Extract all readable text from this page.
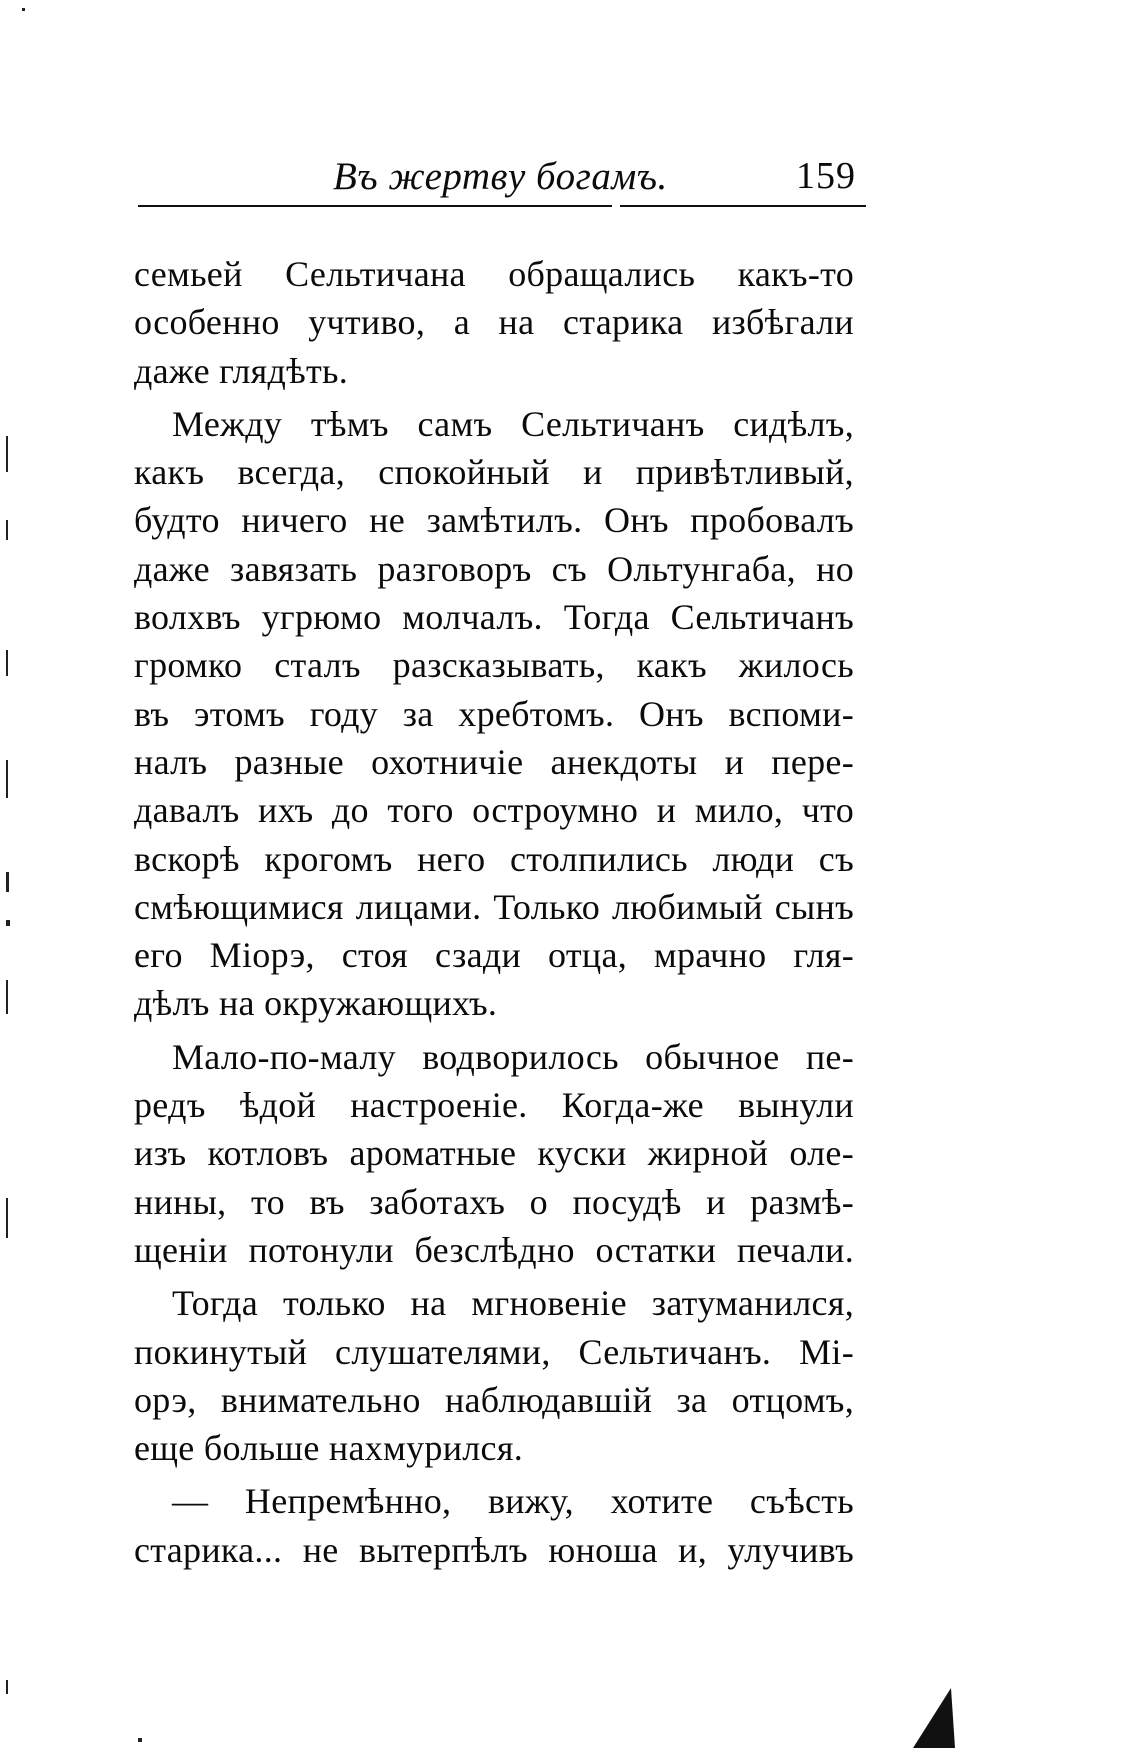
Въ жертву богамъ.	159
семьей Сельтичана обращались какъ-то
особенно учтиво, а на старика избѣгали
даже глядѣть.
Между тѣмъ самъ Сельтичанъ сидѣлъ,
какъ всегда, спокойный и привѣтливый,
будто ничего не замѣтилъ. Онъ пробовалъ
даже завязать разговоръ съ Ольтунгаба, но
волхвъ угрюмо молчалъ. Тогда Сельтичанъ
громко сталъ разсказывать, какъ жилось
въ этомъ году за хребтомъ. Онъ вспоми-
налъ разные охотничіе анекдоты и пере-
давалъ ихъ до того остроумно и мило, что
вскорѣ крогомъ него столпились люди съ
смѣющимися лицами. Только любимый сынъ
его Міорэ, стоя сзади отца, мрачно гля-
дѣлъ на окружающихъ.
Мало-по-малу водворилось обычное пе-
редъ ѣдой настроеніе. Когда-же вынули
изъ котловъ ароматные куски жирной оле-
нины, то въ заботахъ о посудѣ и размѣ-
щеніи потонули безслѣдно остатки печали.
Тогда только на мгновеніе затуманился,
покинутый слушателями, Сельтичанъ. Мі-
орэ, внимательно наблюдавшій за отцомъ,
еще больше нахмурился.
— Непремѣнно, вижу, хотите съѣсть
старика... не вытерпѣлъ юноша и, улучивъ
